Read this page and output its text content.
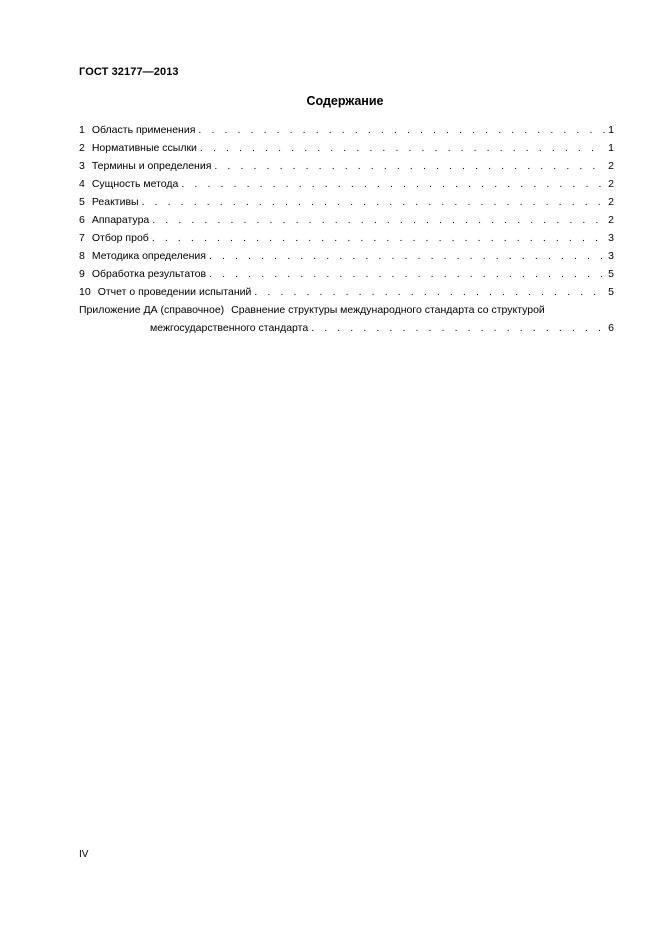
ГОСТ 32177—2013
Содержание
1 Область применения . . .	1
2 Нормативные ссылки . . .	1
3 Термины и определения . . .	2
4 Сущность метода . . .	2
5 Реактивы . . .	2
6 Аппаратура . . .	2
7 Отбор проб . . .	3
8 Методика определения . . .	3
9 Обработка результатов . . .	5
10 Отчет о проведении испытаний . . .	5
Приложение ДА (справочное) Сравнение структуры международного стандарта со структурой
межгосударственного стандарта . . .	6
IV
